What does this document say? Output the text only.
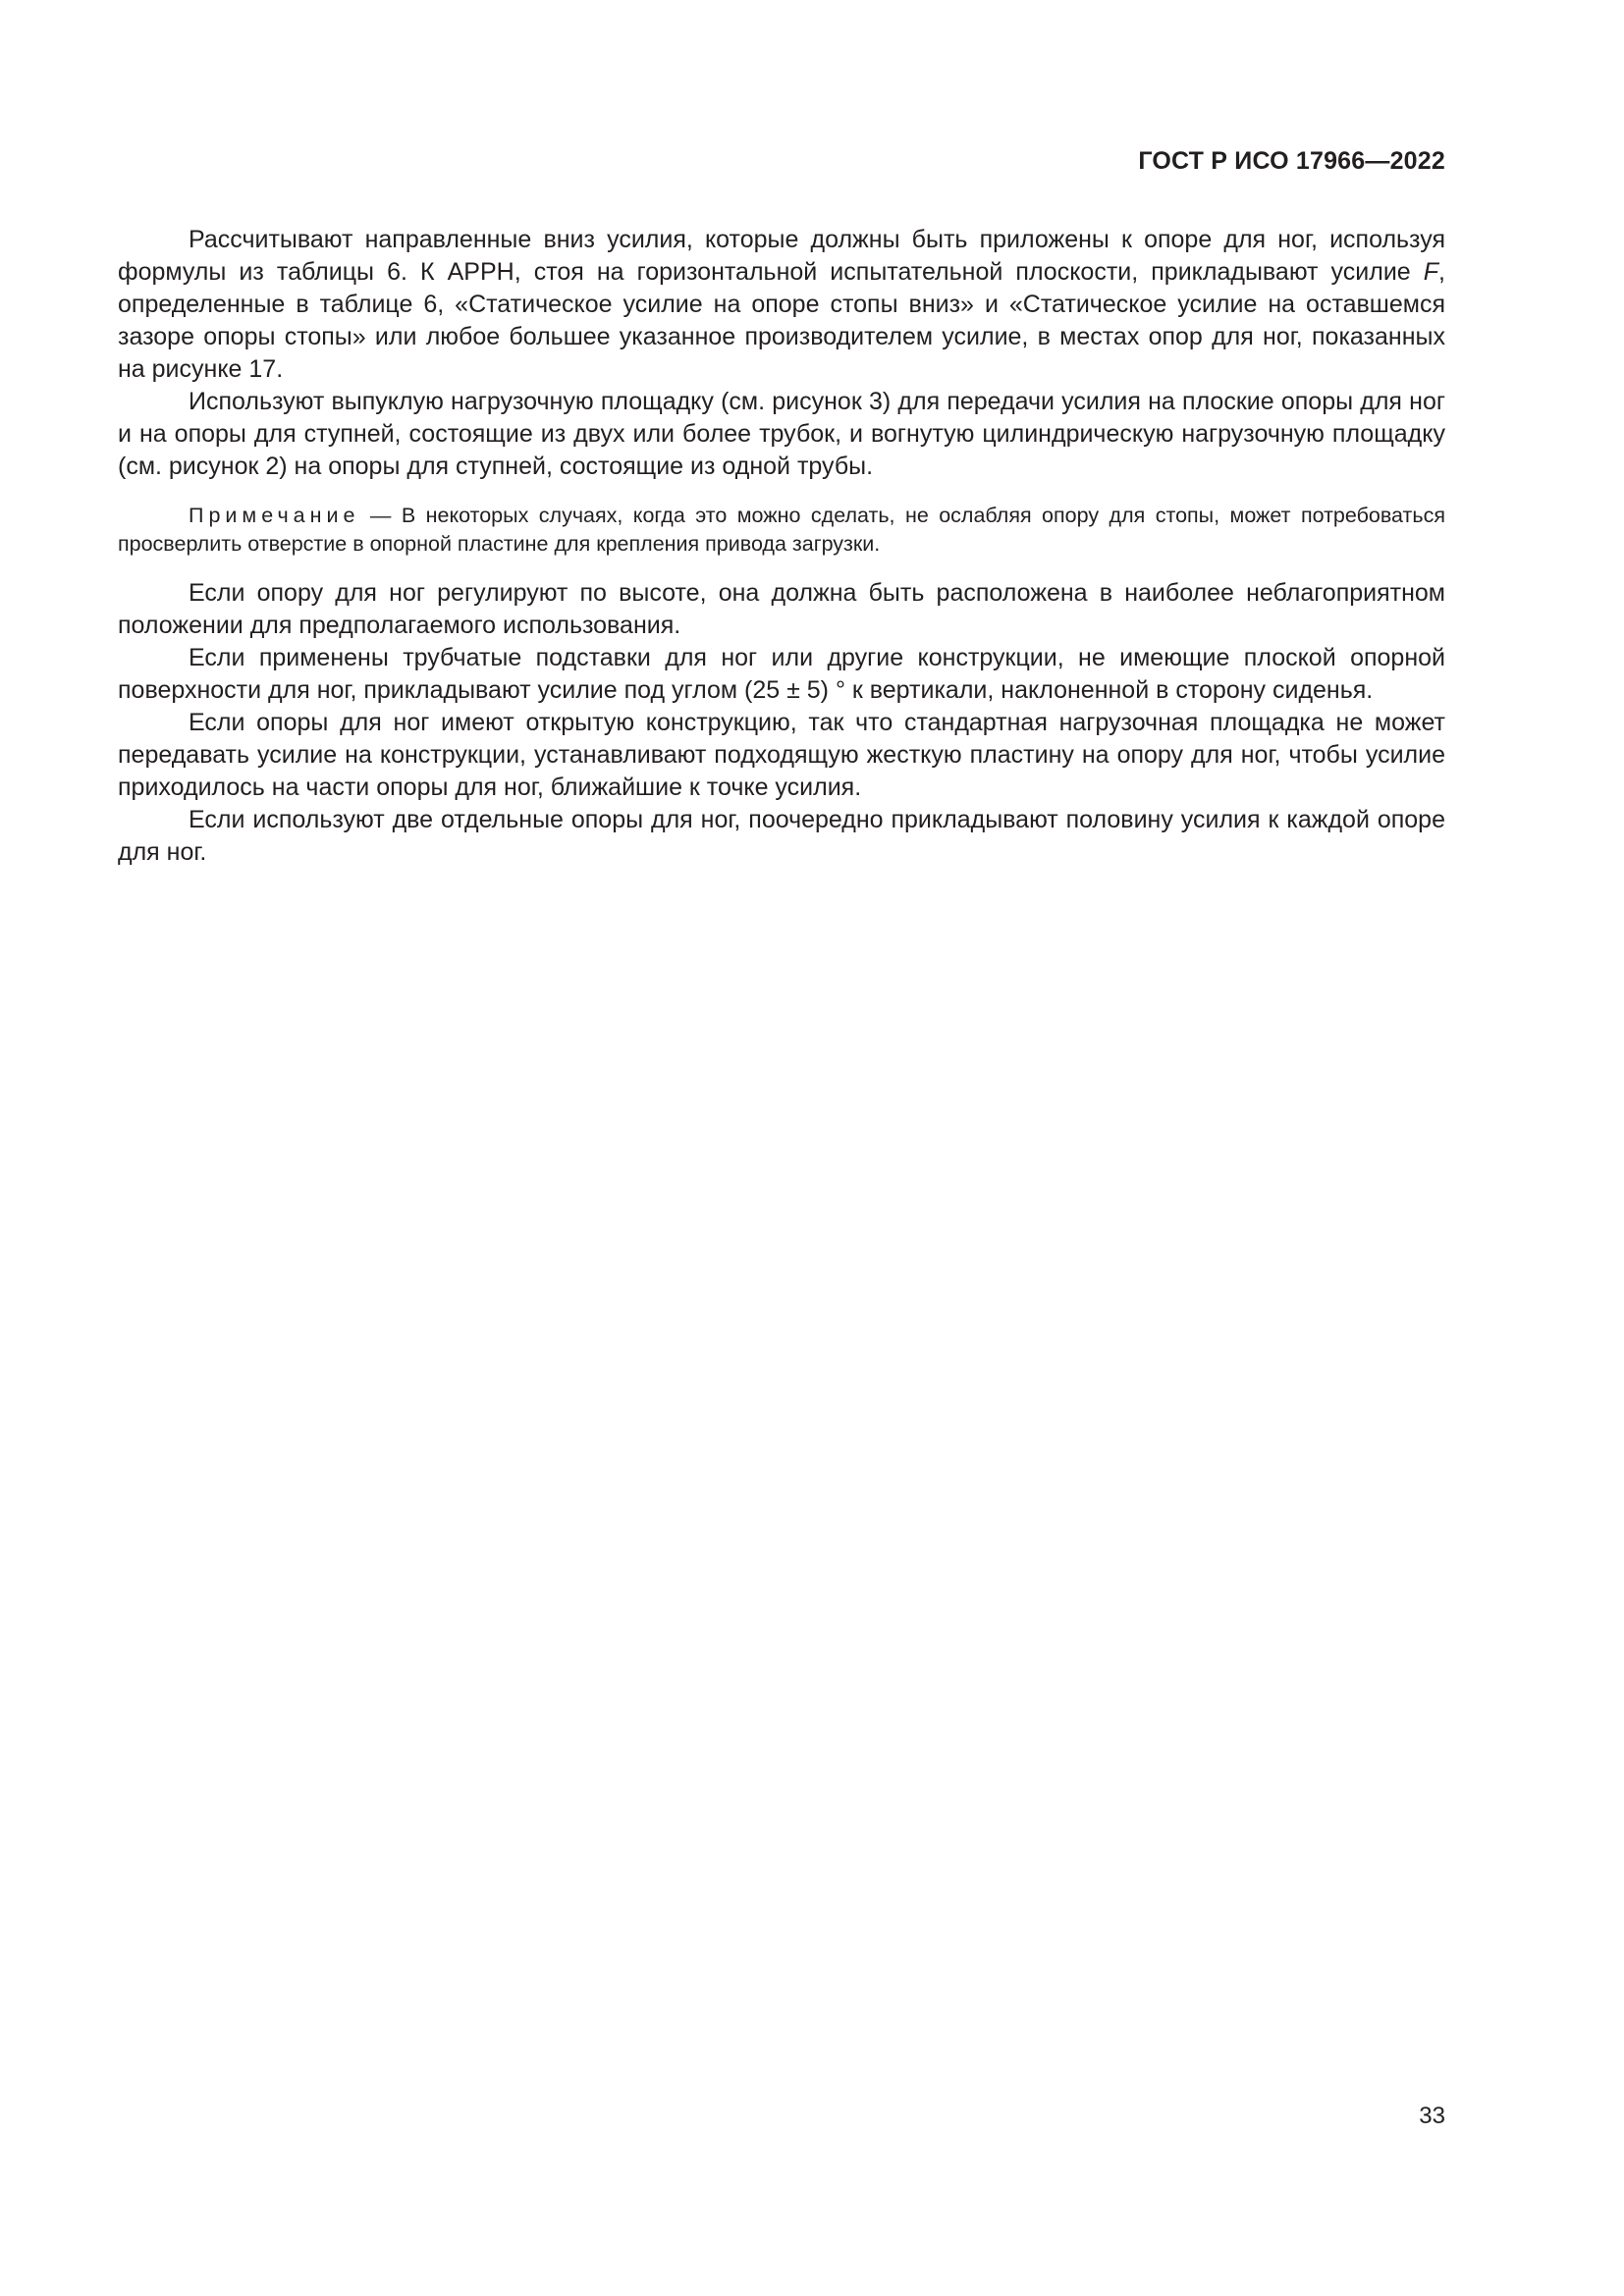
ГОСТ Р ИСО 17966—2022

Рассчитывают направленные вниз усилия, которые должны быть приложены к опоре для ног, используя формулы из таблицы 6. К АРРН, стоя на горизонтальной испытательной плоскости, прикладывают усилие F, определенные в таблице 6, «Статическое усилие на опоре стопы вниз» и «Статическое усилие на оставшемся зазоре опоры стопы» или любое большее указанное производителем усилие, в местах опор для ног, показанных на рисунке 17.

Используют выпуклую нагрузочную площадку (см. рисунок 3) для передачи усилия на плоские опоры для ног и на опоры для ступней, состоящие из двух или более трубок, и вогнутую цилиндрическую нагрузочную площадку (см. рисунок 2) на опоры для ступней, состоящие из одной трубы.

Примечание — В некоторых случаях, когда это можно сделать, не ослабляя опору для стопы, может потребоваться просверлить отверстие в опорной пластине для крепления привода загрузки.

Если опору для ног регулируют по высоте, она должна быть расположена в наиболее неблагоприятном положении для предполагаемого использования.

Если применены трубчатые подставки для ног или другие конструкции, не имеющие плоской опорной поверхности для ног, прикладывают усилие под углом (25 ± 5) ° к вертикали, наклоненной в сторону сиденья.

Если опоры для ног имеют открытую конструкцию, так что стандартная нагрузочная площадка не может передавать усилие на конструкции, устанавливают подходящую жесткую пластину на опору для ног, чтобы усилие приходилось на части опоры для ног, ближайшие к точке усилия.

Если используют две отдельные опоры для ног, поочередно прикладывают половину усилия к каждой опоре для ног.

33
